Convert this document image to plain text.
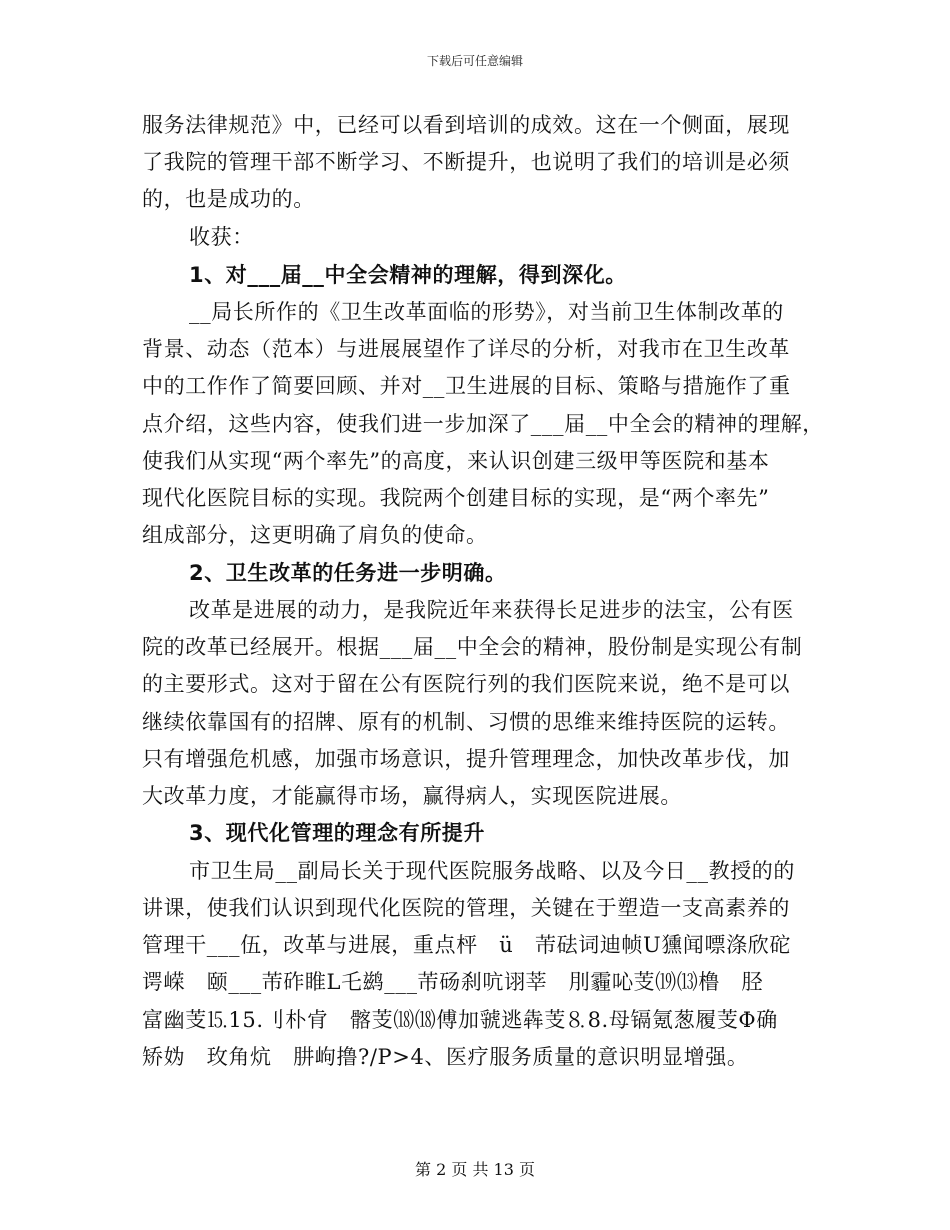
下载后可任意编辑
服务法律规范》中，已经可以看到培训的成效。这在一个侧面，展现
了我院的管理干部不断学习、不断提升，也说明了我们的培训是必须
的，也是成功的。
收获：
1、对___届__中全会精神的理解，得到深化。
__局长所作的《卫生改革面临的形势》，对当前卫生体制改革的
背景、动态（范本）与进展展望作了详尽的分析，对我市在卫生改革
中的工作作了简要回顾、并对__卫生进展的目标、策略与措施作了重
点介绍，这些内容，使我们进一步加深了___届__中全会的精神的理解，
使我们从实现“两个率先”的高度，来认识创建三级甲等医院和基本
现代化医院目标的实现。我院两个创建目标的实现，是“两个率先”
组成部分，这更明确了肩负的使命。
2、卫生改革的任务进一步明确。
改革是进展的动力，是我院近年来获得长足进步的法宝，公有医
院的改革已经展开。根据___届__中全会的精神，股份制是实现公有制
的主要形式。这对于留在公有医院行列的我们医院来说，绝不是可以
继续依靠国有的招牌、原有的机制、习惯的思维来维持医院的运转。
只有增强危机感，加强市场意识，提升管理理念，加快改革步伐，加
大改革力度，才能赢得市场，赢得病人，实现医院进展。
3、现代化管理的理念有所提升
市卫生局__副局长关于现代医院服务战略、以及今日__教授的的
讲课，使我们认识到现代化医院的管理，关键在于塑造一支高素养的
管理干___伍，改革与进展，重点枰　ü　芾砝词迪帧U獯闻嘌涤欣砣
谔嵘　颐___芾砟睢L乇鹚___芾砀刹吭诩莘　刖霾吣芰⒆⒀橹　胫
富幽芰⒖15.刂朴肻　髂芰⒅⒅傅加虢逃犇芰⒏8.母镉氪葱履芰Φ确
矫妫　玫角炕　肼岣撸?/P>4、医疗服务质量的意识明显增强。
第 2 页 共 13 页
